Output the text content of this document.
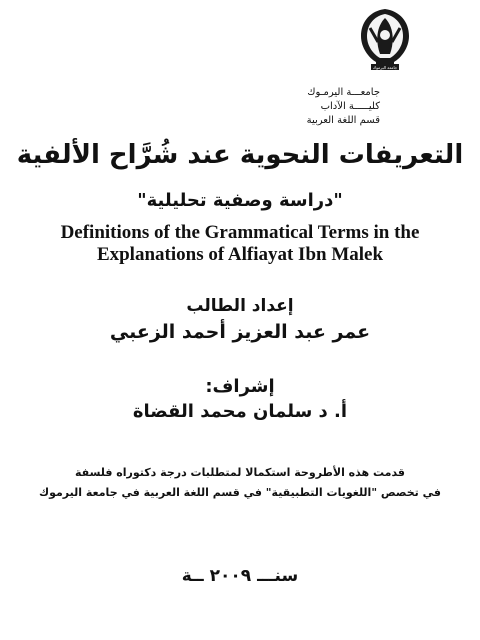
جامعة اليرموك
جامعـــة اليرمـوك
كليـــــة الآداب
قسم اللغة العربية
التعريفات النحوية عند شُرَّاح الألفية
"دراسة وصفية تحليلية"
Definitions of the Grammatical Terms in the
Explanations of Alfiayat Ibn Malek
إعداد الطالب
عمر عبد العزيز أحمد الزعبي
إشراف:
أ. د سلمان محمد القضاة
قدمت هذه الأطروحة استكمالا لمتطلبات درجة دكتوراه فلسفة
في تخصص "اللغويات التطبيقية" في قسم اللغة العربية في جامعة اليرموك
سنـــ ٢٠٠٩ ــة
